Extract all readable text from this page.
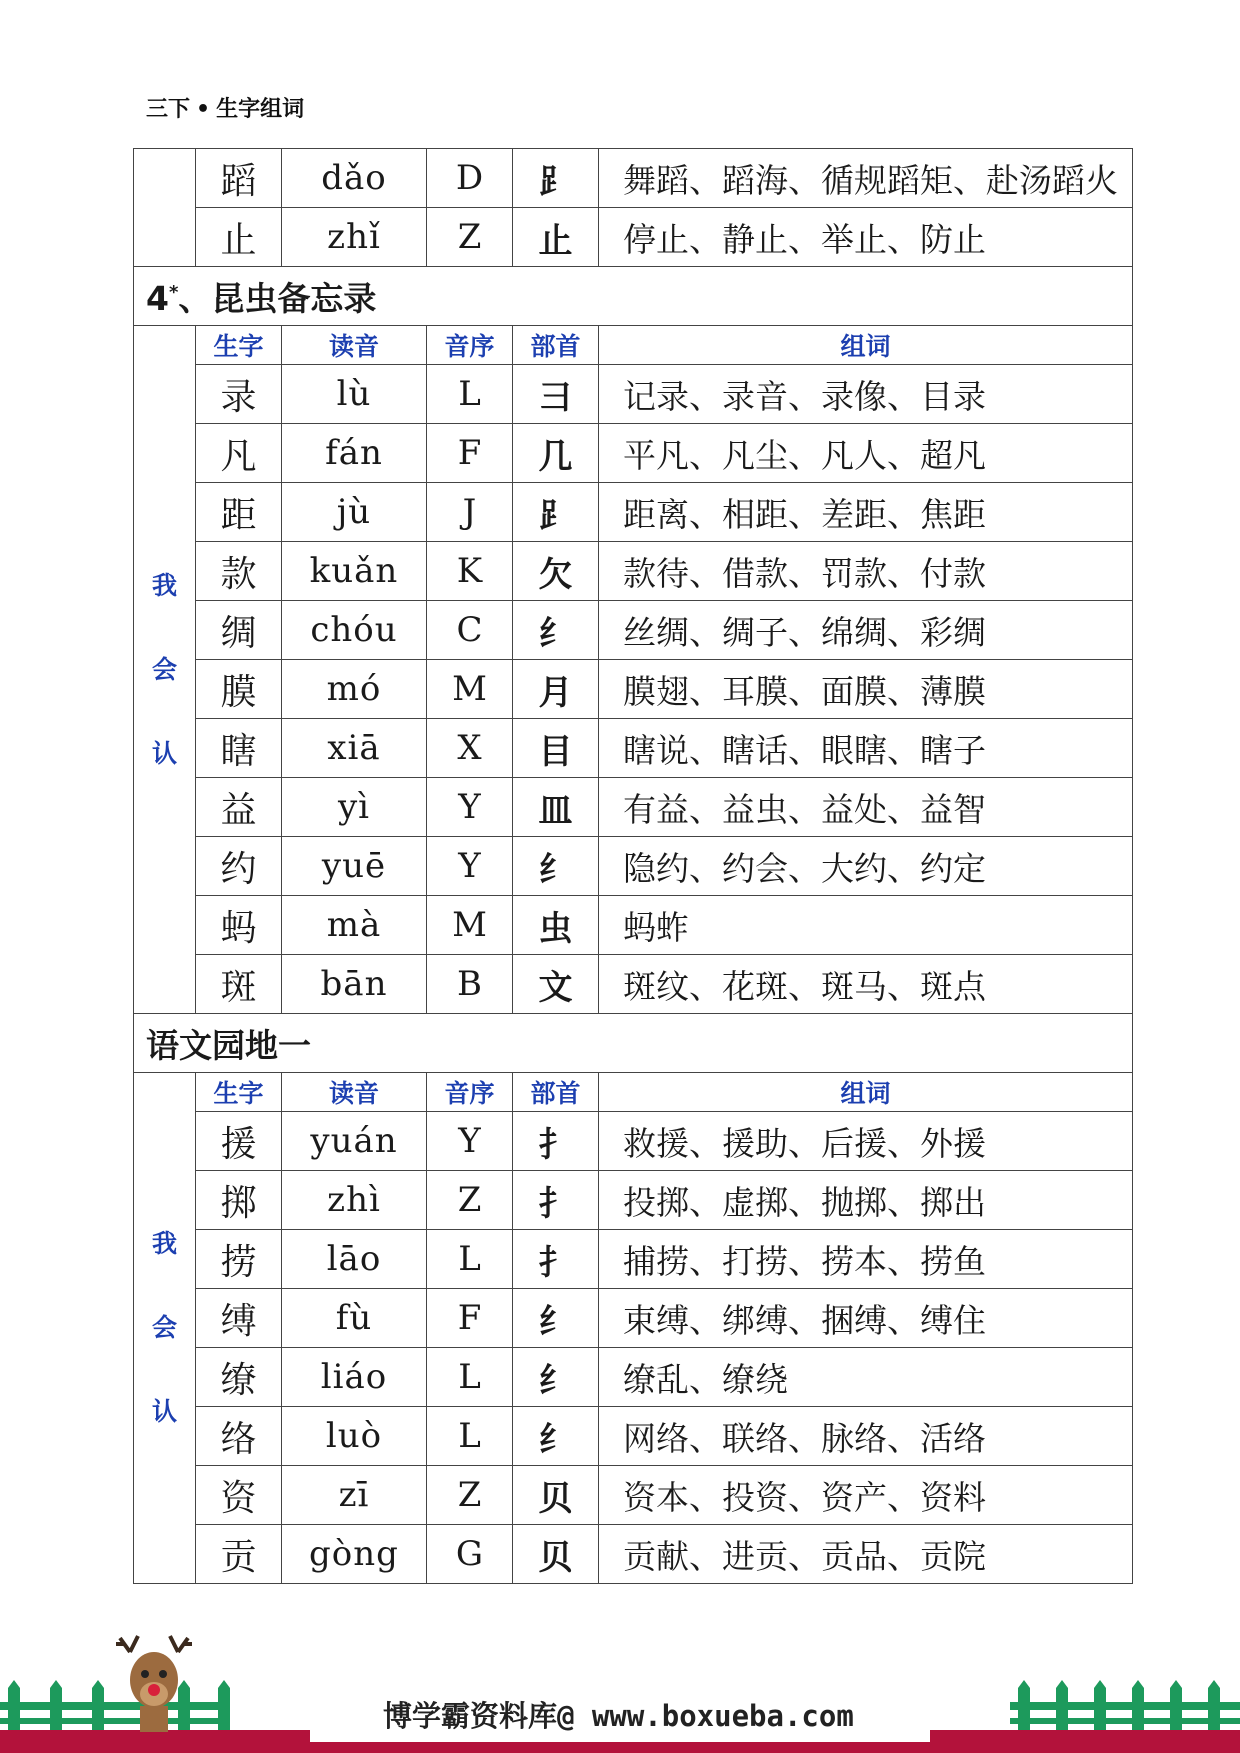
三下 • 生字组词
	蹈	dǎo	D	⻊	舞蹈、蹈海、循规蹈矩、赴汤蹈火
	止	zhǐ	Z	止	停止、静止、举止、防止
4*、昆虫备忘录					

我
会
认	生字	读音	音序	部首	组词
	录	lù	L	彐	记录、录音、录像、目录
	凡	fán	F	几	平凡、凡尘、凡人、超凡
	距	jù	J	⻊	距离、相距、差距、焦距
	款	kuǎn	K	欠	款待、借款、罚款、付款
	绸	chóu	C	纟	丝绸、绸子、绵绸、彩绸
	膜	mó	M	月	膜翅、耳膜、面膜、薄膜
	瞎	xiā	X	目	瞎说、瞎话、眼瞎、瞎子
	益	yì	Y	皿	有益、益虫、益处、益智
	约	yuē	Y	纟	隐约、约会、大约、约定
	蚂	mà	M	虫	蚂蚱
	斑	bān	B	文	斑纹、花斑、斑马、斑点
语文园地一					

我
会
认	生字	读音	音序	部首	组词
	援	yuán	Y	扌	救援、援助、后援、外援
	掷	zhì	Z	扌	投掷、虚掷、抛掷、掷出
	捞	lāo	L	扌	捕捞、打捞、捞本、捞鱼
	缚	fù	F	纟	束缚、绑缚、捆缚、缚住
	缭	liáo	L	纟	缭乱、缭绕
	络	luò	L	纟	网络、联络、脉络、活络
	资	zī	Z	贝	资本、投资、资产、资料
	贡	gòng	G	贝	贡献、进贡、贡品、贡院
博学霸资料库@ www.boxueba.com
